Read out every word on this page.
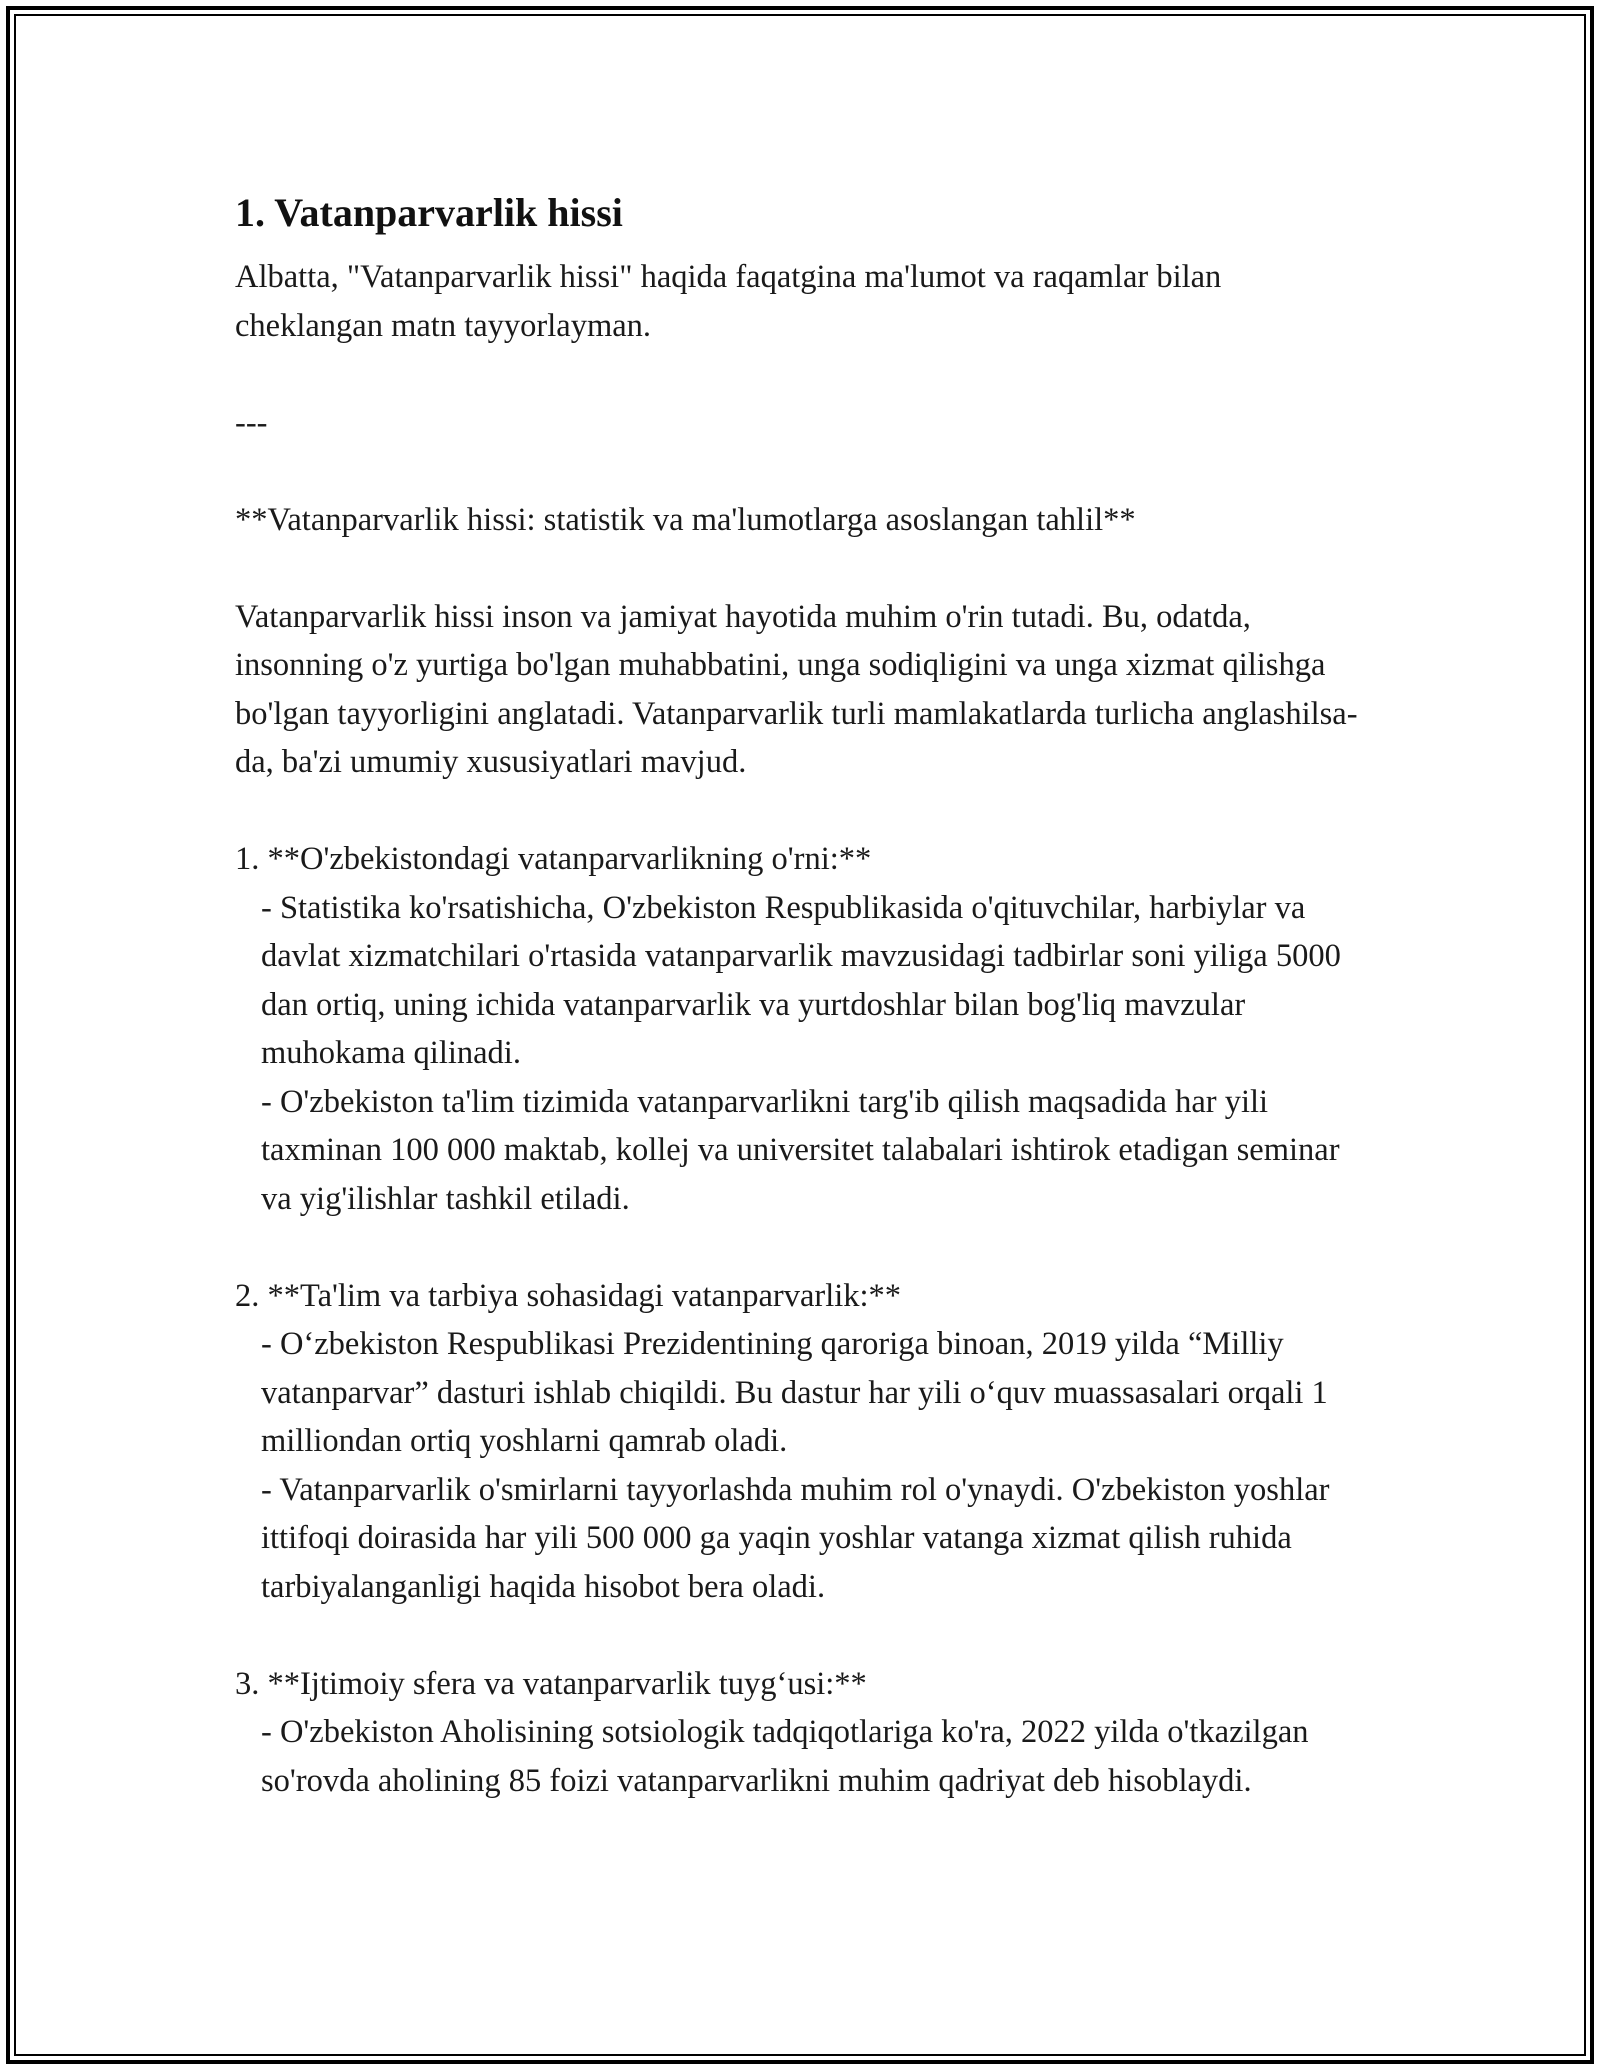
1. Vatanparvarlik hissi

Albatta, "Vatanparvarlik hissi" haqida faqatgina ma'lumot va raqamlar bilan cheklangan matn tayyorlayman.

---

**Vatanparvarlik hissi: statistik va ma'lumotlarga asoslangan tahlil**

Vatanparvarlik hissi inson va jamiyat hayotida muhim o'rin tutadi. Bu, odatda, insonning o'z yurtiga bo'lgan muhabbatini, unga sodiqligini va unga xizmat qilishga bo'lgan tayyorligini anglatadi. Vatanparvarlik turli mamlakatlarda turlicha anglashilsa-da, ba'zi umumiy xususiyatlari mavjud.

1. **O'zbekistondagi vatanparvarlikning o'rni:**

- Statistika ko'rsatishicha, O'zbekiston Respublikasida o'qituvchilar, harbiylar va davlat xizmatchilari o'rtasida vatanparvarlik mavzusidagi tadbirlar soni yiliga 5000 dan ortiq, uning ichida vatanparvarlik va yurtdoshlar bilan bog'liq mavzular muhokama qilinadi.

- O'zbekiston ta'lim tizimida vatanparvarlikni targ'ib qilish maqsadida har yili taxminan 100 000 maktab, kollej va universitet talabalari ishtirok etadigan seminar va yig'ilishlar tashkil etiladi.

2. **Ta'lim va tarbiya sohasidagi vatanparvarlik:**

- O‘zbekiston Respublikasi Prezidentining qaroriga binoan, 2019 yilda “Milliy vatanparvar” dasturi ishlab chiqildi. Bu dastur har yili o‘quv muassasalari orqali 1 milliondan ortiq yoshlarni qamrab oladi.

- Vatanparvarlik o'smirlarni tayyorlashda muhim rol o'ynaydi. O'zbekiston yoshlar ittifoqi doirasida har yili 500 000 ga yaqin yoshlar vatanga xizmat qilish ruhida tarbiyalanganligi haqida hisobot bera oladi.

3. **Ijtimoiy sfera va vatanparvarlik tuyg‘usi:**

- O'zbekiston Aholisining sotsiologik tadqiqotlariga ko'ra, 2022 yilda o'tkazilgan so'rovda aholining 85 foizi vatanparvarlikni muhim qadriyat deb hisoblaydi.
